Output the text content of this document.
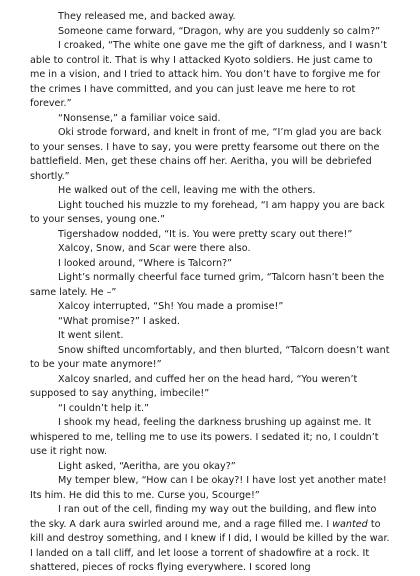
They released me, and backed away.

Someone came forward, “Dragon, why are you suddenly so calm?”

I croaked, “The white one gave me the gift of darkness, and I wasn’t able to control it. That is why I attacked Kyoto soldiers. He just came to me in a vision, and I tried to attack him. You don’t have to forgive me for the crimes I have committed, and you can just leave me here to rot forever.”

“Nonsense,” a familiar voice said.

Oki strode forward, and knelt in front of me, “I’m glad you are back to your senses. I have to say, you were pretty fearsome out there on the battlefield. Men, get these chains off her. Aeritha, you will be debriefed shortly.”

He walked out of the cell, leaving me with the others.

Light touched his muzzle to my forehead, “I am happy you are back to your senses, young one.”

Tigershadow nodded, “It is. You were pretty scary out there!”

Xalcoy, Snow, and Scar were there also.

I looked around, “Where is Talcorn?”

Light’s normally cheerful face turned grim, “Talcorn hasn’t been the same lately. He –”

Xalcoy interrupted, “Sh! You made a promise!”

“What promise?” I asked.

It went silent.

Snow shifted uncomfortably, and then blurted, “Talcorn doesn’t want to be your mate anymore!”

Xalcoy snarled, and cuffed her on the head hard, “You weren’t supposed to say anything, imbecile!”

“I couldn’t help it.”

I shook my head, feeling the darkness brushing up against me. It whispered to me, telling me to use its powers. I sedated it; no, I couldn’t use it right now.

Light asked, “Aeritha, are you okay?”

My temper blew, “How can I be okay?! I have lost yet another mate! Its him. He did this to me. Curse you, Scourge!”

I ran out of the cell, finding my way out the building, and flew into the sky. A dark aura swirled around me, and a rage filled me. I wanted to kill and destroy something, and I knew if I did, I would be killed by the war. I landed on a tall cliff, and let loose a torrent of shadowfire at a rock. It shattered, pieces of rocks flying everywhere. I scored long
